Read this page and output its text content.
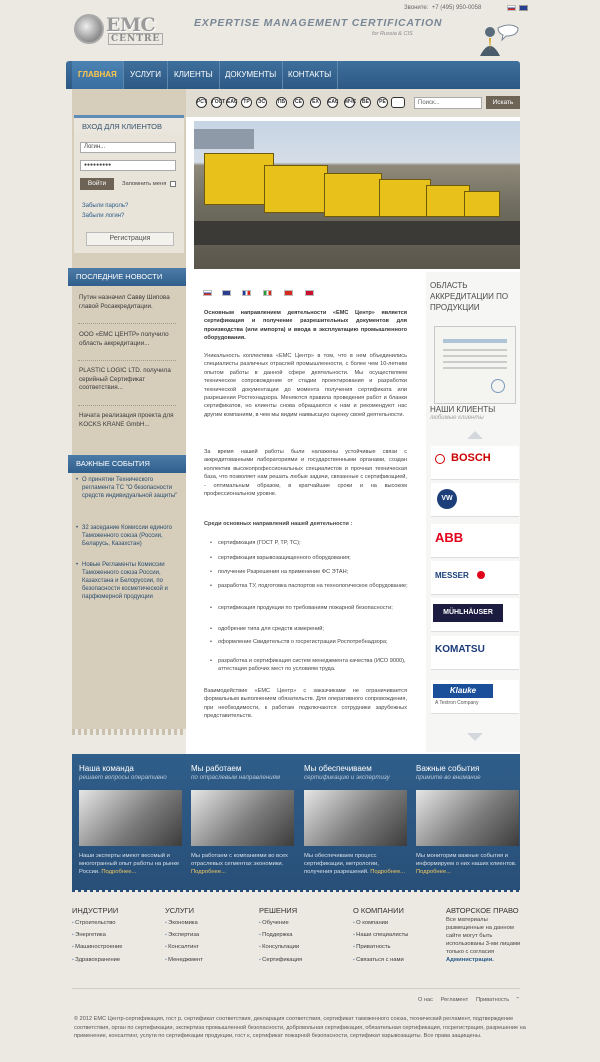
EMC
CENTRE
EXPERTISE MANAGEMENT CERTIFICATION
for Russia & CIS
Звоните: +7 (495) 950-0058
ГЛАВНАЯ	УСЛУГИ	КЛИЕНТЫ	ДОКУМЕНТЫ	КОНТАКТЫ
ВХОД ДЛЯ КЛИЕНТОВ
Логин...
●●●●●●●●●
Войти	Запомнить меня
Забыли пароль?
Забыли логин?
Регистрация
ПОСЛЕДНИЕ НОВОСТИ
Путин назначил Савву Шипова главой Росаккредитации.
ООО «ЕМС ЦЕНТР» получило область аккредитации...
PLASTIC LOGIC LTD. получила серийный Сертификат соответствия...
Начата реализация проекта для KOCKS KRANE GmbH...
ВАЖНЫЕ СОБЫТИЯ
• О принятии Технического регламента ТС "О безопасности средств индивидуальной защиты"
• 32 заседание Комиссии единого Таможенного союза (России, Беларусь, Казахстан)
• Новые Регламенты Комиссии Таможенного союза России, Казахстана и Белоруссии, по безопасности косметической и парфюмерной продукции
РСТ ГОСТ ЕАС	ТР	ЭС	ПБ	CE	ЕХ	ЕАС МЧС	ВЕ	РЕ	Поиск...	Искать
Основным направлением деятельности «ЕМС Центр» является сертификация и получение разрешительных документов для производства (или импорта) и ввода в эксплуатацию промышленного оборудования.
Уникальность коллектива «ЕМС Центр» в том, что в нем объединились специалисты различных отраслей промышленности, с более чем 10-летним опытом работы в данной сфере деятельности. Мы осуществляем техническое сопровождение от стадии проектирования и разработки технической документации до момента получения сертификата или разрешения Ростехнадзора. Меняются правила проведения работ и бланки сертификатов, но клиенты снова обращаются к нам и рекомендуют нас другим компаниям, в чем мы видим наивысшую оценку своей деятельности.
За время нашей работы были налажены устойчивые связи с аккредитованными лабораториями и государственными органами, создан коллектив высокопрофессиональных специалистов и прочная техническая база, что позволяет нам решать любые задачи, связанные с сертификацией, - оптимальным образом, в кратчайшие сроки и на высоком профессиональном уровне.
Среди основных направлений нашей деятельности :
• сертификация (ГОСТ Р, ТР, ТС);
• сертификация взрывозащищенного оборудования;
• получение Разрешения на применение ФС ЭТАН;
• разработка ТУ, подготовка паспортов на технологическое оборудование;
• сертификация продукции по требованиям пожарной безопасности;
• одобрение типа для средств измерений;
• оформление Свидетельств о госрегистрации Роспотребнадзора;
• разработка и сертификация систем менеджмента качества (ИСО 9000), аттестация рабочих мест по условиям труда.
Взаимодействие «ЕМС Центр» с заказчиками не ограничивается формальным выполнением обязательств. Для оперативного сопровождения, при необходимости, к работам подключаются сотрудники зарубежных представительств.
ОБЛАСТЬ АККРЕДИТАЦИИ ПО ПРОДУКЦИИ
НАШИ КЛИЕНТЫ
любимые клиенты
BOSCH
VW
ABB
MESSER
MÜHLHÄUSER
KOMATSU
Klauke
A Textron Company
Наша команда
решает вопросы оперативно
Наши эксперты имеют весомый и многогранный опыт работы на рынке России. Подробнее...
Мы работаем
по отраслевым направлениям
Мы работаем с компаниями во всех отраслевых сегментах экономики. Подробнее...
Мы обеспечиваем
сертификацию и экспертизу
Мы обеспечиваем процесс сертификации, метрологии, получения разрешений. Подробнее...
Важные события
примите во внимание
Мы мониторим важные события и информируем о них наших клиентов. Подробнее...
ИНДУСТРИИ
▪ Строительство
▪ Энергетика
▪ Машиностроение
▪ Здравохранение
УСЛУГИ
▪ Экономика
▪ Экспертиза
▪ Консалтинг
▪ Менеджмент
РЕШЕНИЯ
▪ Обучение
▪ Поддержка
▪ Консультации
▪ Сертификация
О КОМПАНИИ
▪ О компании
▪ Наши специалисты
▪ Приватность
▪ Связаться с нами
АВТОРСКОЕ ПРАВО
Все материалы размещенные на данном сайте могут быть использованы 3-ми лицами только с согласия Администрации.
О нас Регламент Приватность ⌃
© 2012 ЕМС Центр-сертификация, гост р, сертификат соответствия, декларация соответствия, сертификат таможенного союза, технический регламент, подтверждение соответствия, орган по сертификации, экспертиза промышленной безопасности, добровольная сертификация, обязательная сертификация, госрегистрация, разрешение на применение, консалтинг, услуги по сертификации продукции, гост к, сертификат пожарной безопасности, сертификат взрывозащиты. Все права защищены.
